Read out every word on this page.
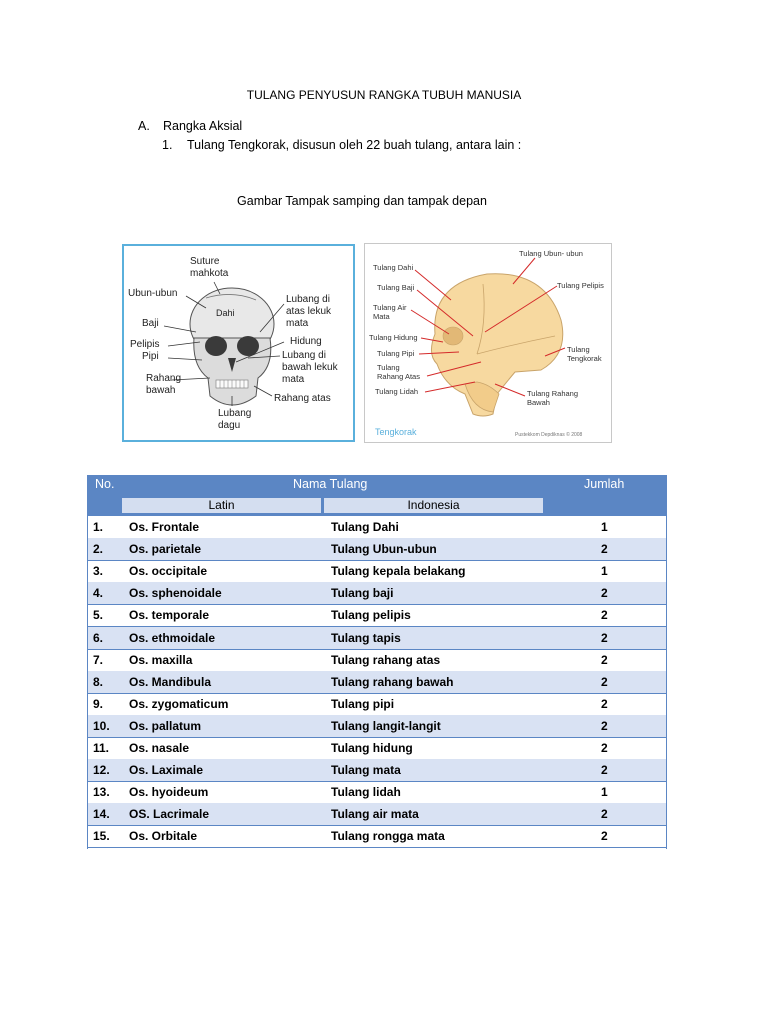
TULANG PENYUSUN RANGKA TUBUH MANUSIA
A. Rangka Aksial
1. Tulang Tengkorak, disusun oleh 22 buah tulang, antara lain :
Gambar Tampak samping dan tampak depan
Suture
mahkota
Ubun-ubun
Dahi
Baji
Pelipis
Pipi
Rahang
bawah
Lubang di
atas lekuk
mata
Hidung
Lubang di
bawah lekuk
mata
Rahang atas
Lubang
dagu
Tulang Ubun- ubun
Tulang Dahi
Tulang Baji
Tulang Air
Mata
Tulang Pelipis
Tulang Hidung
Tulang Pipi	Tulang
Tengkorak
Tulang
Rahang Atas
Tulang Lidah	Tulang Rahang
Bawah
Tengkorak	Pustekkom Depdiknas © 2008
No.	Nama Tulang	Jumlah
Latin	Indonesia
1. Os. Frontale	Tulang Dahi	1
2. Os. parietale	Tulang Ubun-ubun	2
3. Os. occipitale	Tulang kepala belakang	1
4. Os. sphenoidale	Tulang baji	2
5. Os. temporale	Tulang pelipis	2
6. Os. ethmoidale	Tulang tapis	2
7. Os. maxilla	Tulang rahang atas	2
8. Os. Mandibula	Tulang rahang bawah	2
9. Os. zygomaticum	Tulang pipi	2
10. Os. pallatum	Tulang langit-langit	2
11. Os. nasale	Tulang hidung	2
12. Os. Laximale	Tulang mata	2
13. Os. hyoideum	Tulang lidah	1
14. OS. Lacrimale	Tulang air mata	2
15. Os. Orbitale	Tulang rongga mata	2
